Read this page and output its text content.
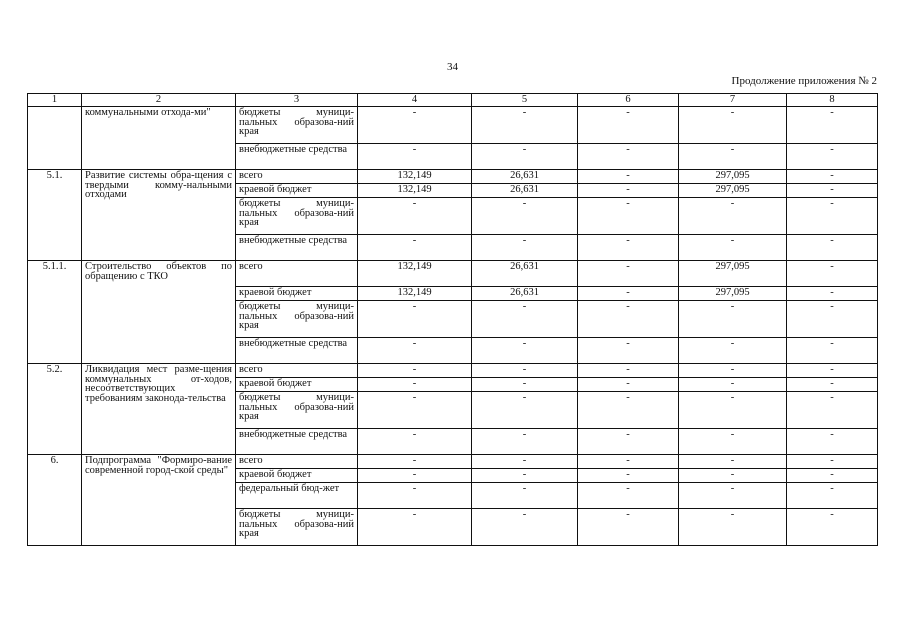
34
Продолжение приложения № 2
1	2	3	4	5	6	7	8
	коммунальными отхода-ми"	бюджеты муници-пальных образова-ний края	-	-	-	-	-
		внебюджетные средства	-	-	-	-	-
5.1.	Развитие системы обра-щения с твердыми комму-нальными отходами	всего	132,149	26,631	-	297,095	-
		краевой бюджет	132,149	26,631	-	297,095	-
		бюджеты муници-пальных образова-ний края	-	-	-	-	-
		внебюджетные средства	-	-	-	-	-
5.1.1.	Строительство объектов по обращению с ТКО	всего	132,149	26,631	-	297,095	-
		краевой бюджет	132,149	26,631	-	297,095	-
		бюджеты муници-пальных образова-ний края	-	-	-	-	-
		внебюджетные средства	-	-	-	-	-
5.2.	Ликвидация мест разме-щения коммунальных от-ходов, несоответствующих требованиям законода-тельства	всего	-	-	-	-	-
		краевой бюджет	-	-	-	-	-
		бюджеты муници-пальных образова-ний края	-	-	-	-	-
		внебюджетные средства	-	-	-	-	-
6.	Подпрограмма "Формиро-вание современной город-ской среды"	всего	-	-	-	-	-
		краевой бюджет	-	-	-	-	-
		федеральный бюд-жет	-	-	-	-	-
		бюджеты муници-пальных образова-ний края	-	-	-	-	-
